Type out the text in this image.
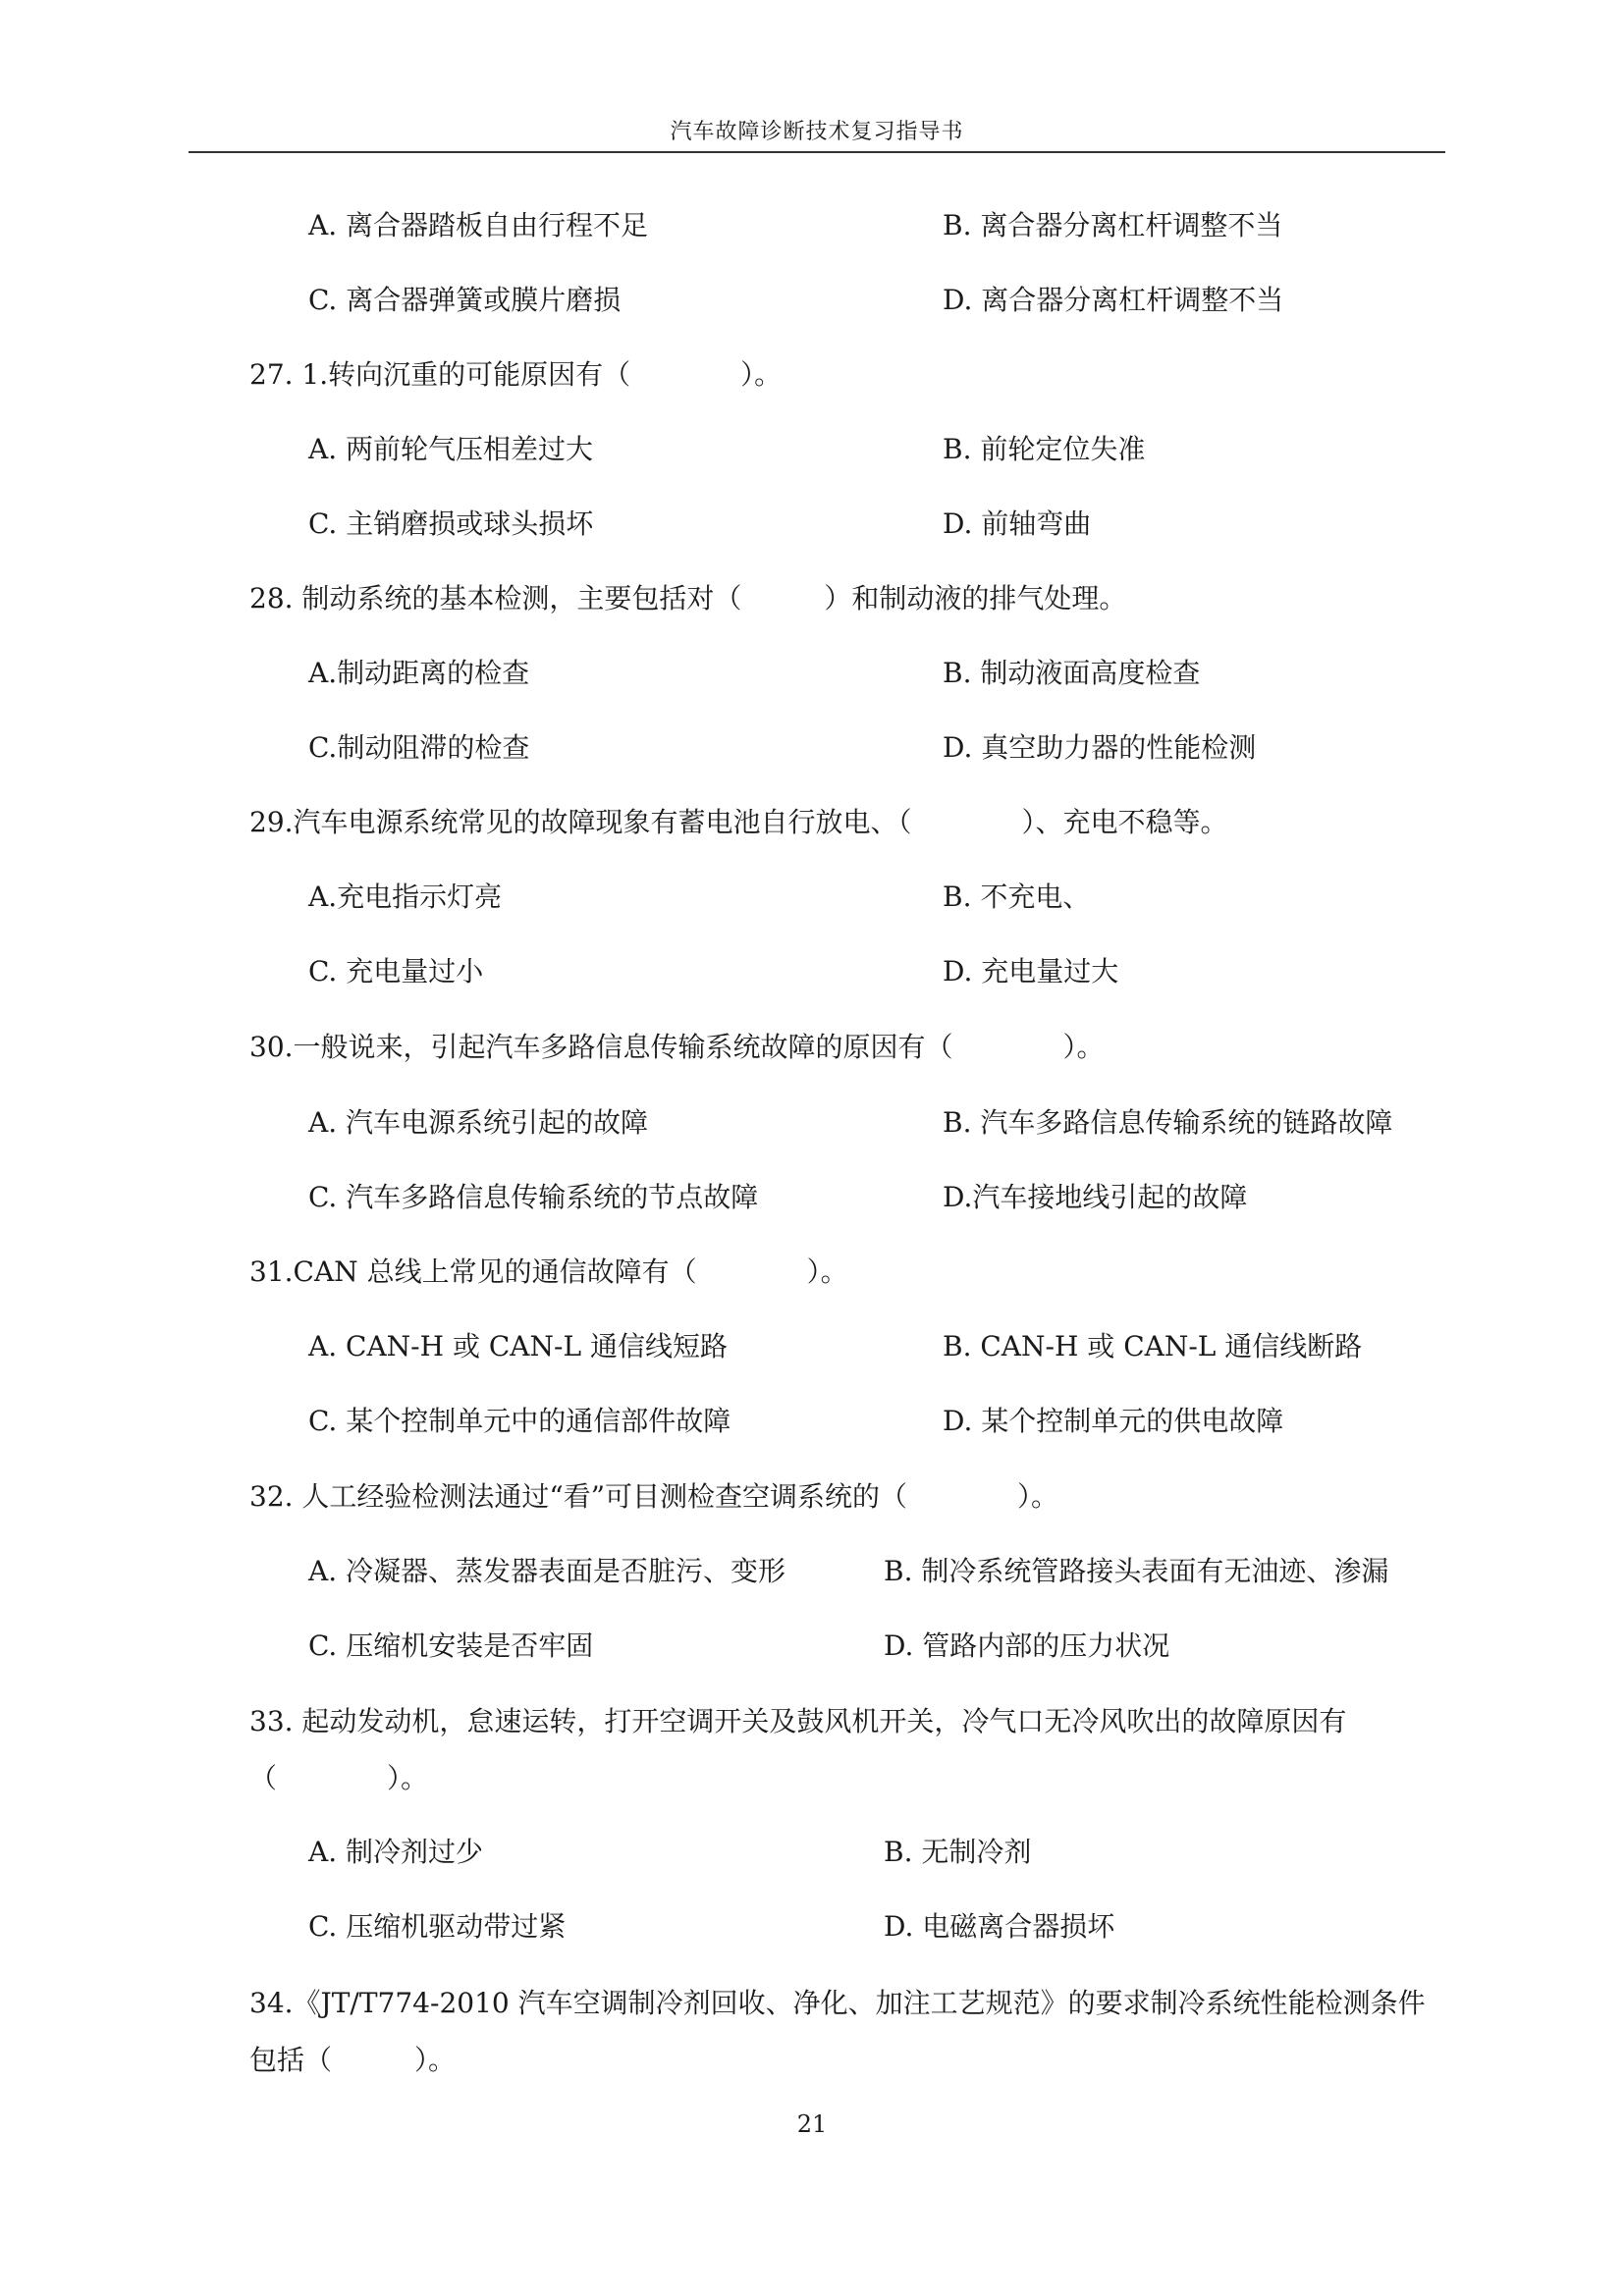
汽车故障诊断技术复习指导书
A. 离合器踏板自由行程不足	B. 离合器分离杠杆调整不当
C. 离合器弹簧或膜片磨损	D. 离合器分离杠杆调整不当
27. 1.转向沉重的可能原因有（　　　　）。
A. 两前轮气压相差过大	B. 前轮定位失准
C. 主销磨损或球头损坏	D. 前轴弯曲
28. 制动系统的基本检测，主要包括对（　　　）和制动液的排气处理。
A.制动距离的检查	B. 制动液面高度检查
C.制动阻滞的检查	D. 真空助力器的性能检测
29.汽车电源系统常见的故障现象有蓄电池自行放电、（　　　　）、充电不稳等。
A.充电指示灯亮	B. 不充电、
C. 充电量过小	D. 充电量过大
30.一般说来，引起汽车多路信息传输系统故障的原因有（　　　　）。
A. 汽车电源系统引起的故障	B. 汽车多路信息传输系统的链路故障
C. 汽车多路信息传输系统的节点故障	D.汽车接地线引起的故障
31.CAN 总线上常见的通信故障有（　　　　）。
A. CAN-H 或 CAN-L 通信线短路	B. CAN-H 或 CAN-L 通信线断路
C. 某个控制单元中的通信部件故障	D. 某个控制单元的供电故障
32. 人工经验检测法通过“看”可目测检查空调系统的（　　　　）。
A. 冷凝器、蒸发器表面是否脏污、变形	B. 制冷系统管路接头表面有无油迹、渗漏
C. 压缩机安装是否牢固	D. 管路内部的压力状况
33. 起动发动机，怠速运转，打开空调开关及鼓风机开关，冷气口无冷风吹出的故障原因有（　　　　）。
A. 制冷剂过少	B. 无制冷剂
C. 压缩机驱动带过紧	D. 电磁离合器损坏
34.《JT/T774-2010 汽车空调制冷剂回收、净化、加注工艺规范》的要求制冷系统性能检测条件包括（　　　）。
21
